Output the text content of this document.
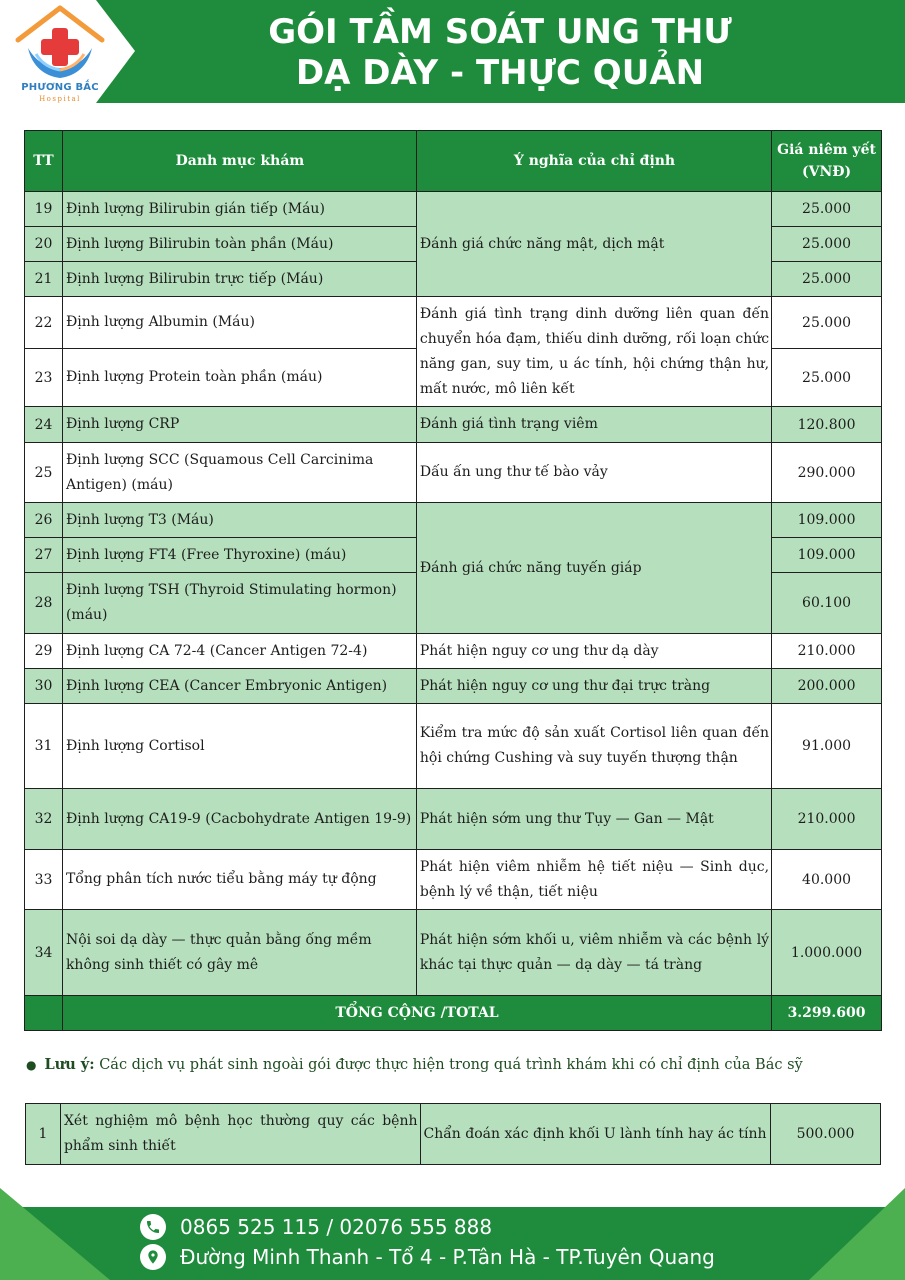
PHƯƠNG BẮC
Hospital
GÓI TẦM SOÁT UNG THƯ
DẠ DÀY - THỰC QUẢN
TT	Danh mục khám	Ý nghĩa của chỉ định	Giá niêm yết
(VNĐ)

19	Định lượng Bilirubin gián tiếp (Máu)	Đánh giá chức năng mật, dịch mật	25.000
20	Định lượng Bilirubin toàn phần (Máu)		25.000
21	Định lượng Bilirubin trực tiếp (Máu)		25.000
22	Định lượng Albumin (Máu)	Đánh giá tình trạng dinh dưỡng liên quan đến chuyển hóa đạm, thiếu dinh dưỡng, rối loạn chức năng gan, suy tim, u ác tính, hội chứng thận hư, mất nước, mô liên kết	25.000
23	Định lượng Protein toàn phần (máu)		25.000
24	Định lượng CRP	Đánh giá tình trạng viêm	120.800
25	Định lượng SCC (Squamous Cell Carcinima Antigen) (máu)	Dấu ấn ung thư tế bào vảy	290.000
26	Định lượng T3 (Máu)	Đánh giá chức năng tuyến giáp	109.000
27	Định lượng FT4 (Free Thyroxine) (máu)		109.000
28	Định lượng TSH (Thyroid Stimulating hormon) (máu)		60.100
29	Định lượng CA 72-4 (Cancer Antigen 72-4)	Phát hiện nguy cơ ung thư dạ dày	210.000
30	Định lượng CEA (Cancer Embryonic Antigen)	Phát hiện nguy cơ ung thư đại trực tràng	200.000
31	Định lượng Cortisol	Kiểm tra mức độ sản xuất Cortisol liên quan đến hội chứng Cushing và suy tuyến thượng thận	91.000
32	Định lượng CA19-9 (Cacbohydrate Antigen 19-9)	Phát hiện sớm ung thư Tụy — Gan — Mật	210.000
33	Tổng phân tích nước tiểu bằng máy tự động	Phát hiện viêm nhiễm hệ tiết niệu — Sinh dục, bệnh lý về thận, tiết niệu	40.000
34	Nội soi dạ dày — thực quản bằng ống mềm không sinh thiết có gây mê	Phát hiện sớm khối u, viêm nhiễm và các bệnh lý khác tại thực quản — dạ dày — tá tràng	1.000.000
	TỔNG CỘNG /TOTAL		3.299.600
● Lưu ý: Các dịch vụ phát sinh ngoài gói được thực hiện trong quá trình khám khi có chỉ định của Bác sỹ
1	Xét nghiệm mô bệnh học thường quy các bệnh phẩm sinh thiết	Chẩn đoán xác định khối U lành tính hay ác tính	500.000
0865 525 115 / 02076 555 888
Đường Minh Thanh - Tổ 4 - P.Tân Hà - TP.Tuyên Quang
